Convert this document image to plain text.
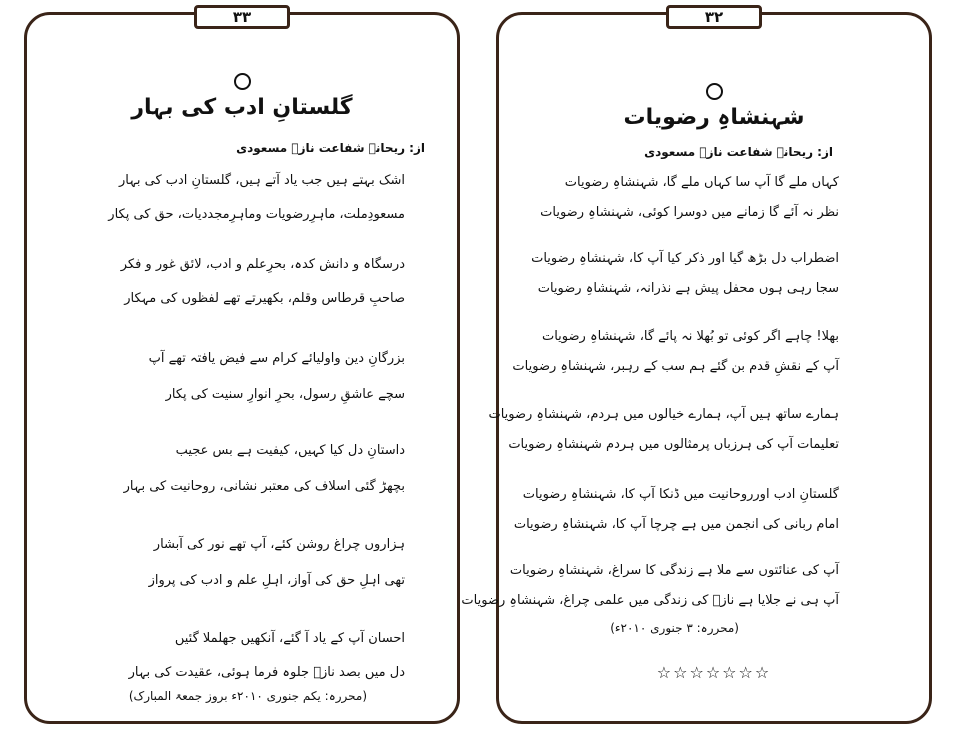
۳۳
گلستانِ ادب کی بہار
از: ریحانہ شفاعت نازؔ مسعودی
اشک بہتے ہیں جب یاد آتے ہیں، گلستانِ ادب کی بہار
مسعودِملت، ماہرِرضویات وماہرِمجددیات، حق کی پکار
درسگاہ و دانش کدہ، بحرِعلم و ادب، لائق غور و فکر
صاحبِ قرطاس وقلم، بکھیرتے تھے لفظوں کی مہکار
بزرگانِ دین واولیائے کرام سے فیض یافتہ تھے آپ
سچے عاشقِ رسول، بحرِ انوارِ سنیت کی پکار
داستانِ دل کیا کہیں، کیفیت ہے بس عجیب
بچھڑ گئی اسلاف کی معتبر نشانی، روحانیت کی بہار
ہزاروں چراغ روشن کئے، آپ تھے نور کی آبشار
تھی اہلِ حق کی آواز، اہلِ علم و ادب کی پرواز
احسان آپ کے یاد آ گئے، آنکھیں جھلملا گئیں
دل میں بصد نازؔ جلوہ فرما ہوئی، عقیدت کی بہار
(محررہ: یکم جنوری ۲۰۱۰ء بروز جمعۃ المبارک)
۳۲
شہنشاہِ رضویات
از: ریحانہ شفاعت نازؔ مسعودی
کہاں ملے گا آپ سا کہاں ملے گا، شہنشاہِ رضویات
نظر نہ آئے گا زمانے میں دوسرا کوئی، شہنشاہِ رضویات
اضطراب دل بڑھ گیا اور ذکر کیا آپ کا، شہنشاہِ رضویات
سجا رہی ہوں محفل پیش ہے نذرانہ، شہنشاہِ رضویات
بھلا! چاہے اگر کوئی تو بُھلا نہ پائے گا، شہنشاہِ رضویات
آپ کے نقشِ قدم بن گئے ہم سب کے رہبر، شہنشاہِ رضویات
ہمارے ساتھ ہیں آپ، ہمارے خیالوں میں ہردم، شہنشاہِ رضویات
تعلیمات آپ کی ہرزباں پرمثالوں میں ہردم شہنشاہِ رضویات
گلستانِ ادب اورروحانیت میں ڈنکا آپ کا، شہنشاہِ رضویات
امام ربانی کی انجمن میں ہے چرچا آپ کا، شہنشاہِ رضویات
آپ کی عنائتوں سے ملا ہے زندگی کا سراغ، شہنشاہِ رضویات
آپ ہی نے جلایا ہے نازؔ کی زندگی میں علمی چراغ، شہنشاہِ رضویات
(محررہ: ۳ جنوری ۲۰۱۰ء)
☆☆☆☆☆☆☆
